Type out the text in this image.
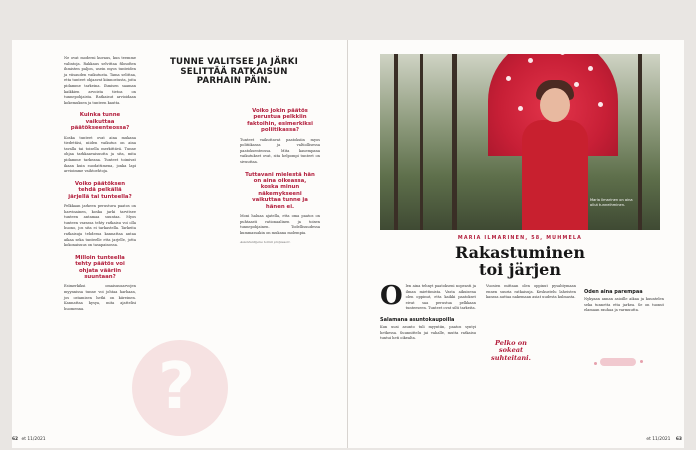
Ne ovat moderni kuvaus, kun teemme valintoja. Rakkaus selvittaa filosofien ihmisten paljon, usein myos tunteiden ja viisauden vaikutusta. Tama selittaa, etta tunteet ohjaavat kiinnostusta, joita pidamme tarkeina. Ihmisen saaman kaikkien arvoista tietoa on tunnepohjaista. Ratkaisut arvioidaan kokemuksen ja tunteen kautta.

Kuinka tunne vaikuttaa päätökseenteossa?

Koska tunteet ovat aina mukana tiedettäsi, niiden vaikutus on aina tavalla tai toisella merkittävä. Tunne ohjaa tarkkaavaisuutta ja sita, mita pidamme tarkeana. Tunteet toimivat ikaan kuin suodattimena, jonka lapi arvioimme vaihtoehtoja.

Voiko päätöksen tehdä pelkällä järjellä tai tunteella?

Pelkkaan jarkeen perustuva paatos on harvinainen, koska jarki tarvitsee tunteen antamaa suuntaa. Myos tunteen varassa tehty ratkaisu voi olla huono, jos sita ei tarkastella. Tarkeita ratkaisuja tehdessa kannattaa antaa aikaa seka tunteelle etta jarjelle, jotta kokonaisuus on tasapainossa.

Milloin tunteella tehty päätös voi ohjata vääriin suuntaan?

Esimerkiksi omaisuusarvojen myynnissa tunne voi johtaa harhaan, jos ostamisen hetki on kiireinen. Kannattaa kysya, mita ajattelisi huomenna.

TUNNE VALITSEE JA JÄRKI SELITTÄÄ RATKAISUN PARHAIN PÄIN.
Voiko jokin päätös perustua pelkkiin faktoihin, esimerkiksi poliitikassa?

Tunteet vaikuttavat paatoksiin myos politiikassa ja valtiollisessa paatoksenteossa. Mita kauempana vaikutukset ovat, sita helpompi tunteet on sivuuttaa.

Tuttavani mielestä hän on aina oikeassa, koska minun näkemykseeni vaikuttaa tunne ja hänen ei.

Moni haluaa ajatella, etta oma paatos on puhtaasti rationaalinen ja toisen tunnepohjainen. Todellisuudessa kummassakin on mukana molempia.

Asiantuntijana toimii professori.

?
62 et 11/2021
Maria Ilmarinen on aina ollut tunneihminen.
MARIA ILMARINEN, 58, MUHMELA
Rakastuminen
toi järjen

O len aina tehnyt paatokseni nopeasti ja ilman miettimista. Vasta aikuisena olen oppinut, etta kaikki paatokset eivat saa perustua pelkkaan tunteeseen. Tunteet ovat silti tarkeita.

Salamana asuntokaupoilla

Kun uusi asunto tuli myyntiin, paatos syntyi hetkessa. Suunnittelu jai vahalle, mutta ratkaisu tuntui heti oikealta.

Vuosien mittaan olen oppinut pysahtymaan ennen suuria ratkaisuja. Keskustelu laheisten kanssa auttaa nakemaan asiat uudesta kulmasta.

Pelko on sokeat suhteitani.
Oden aina parempaa

Nykyaan annan asioille aikaa ja kuuntelen seka tunnetta etta jarkea. Se on tuonut elamaan rauhaa ja varmuutta.

et 11/2021 63
